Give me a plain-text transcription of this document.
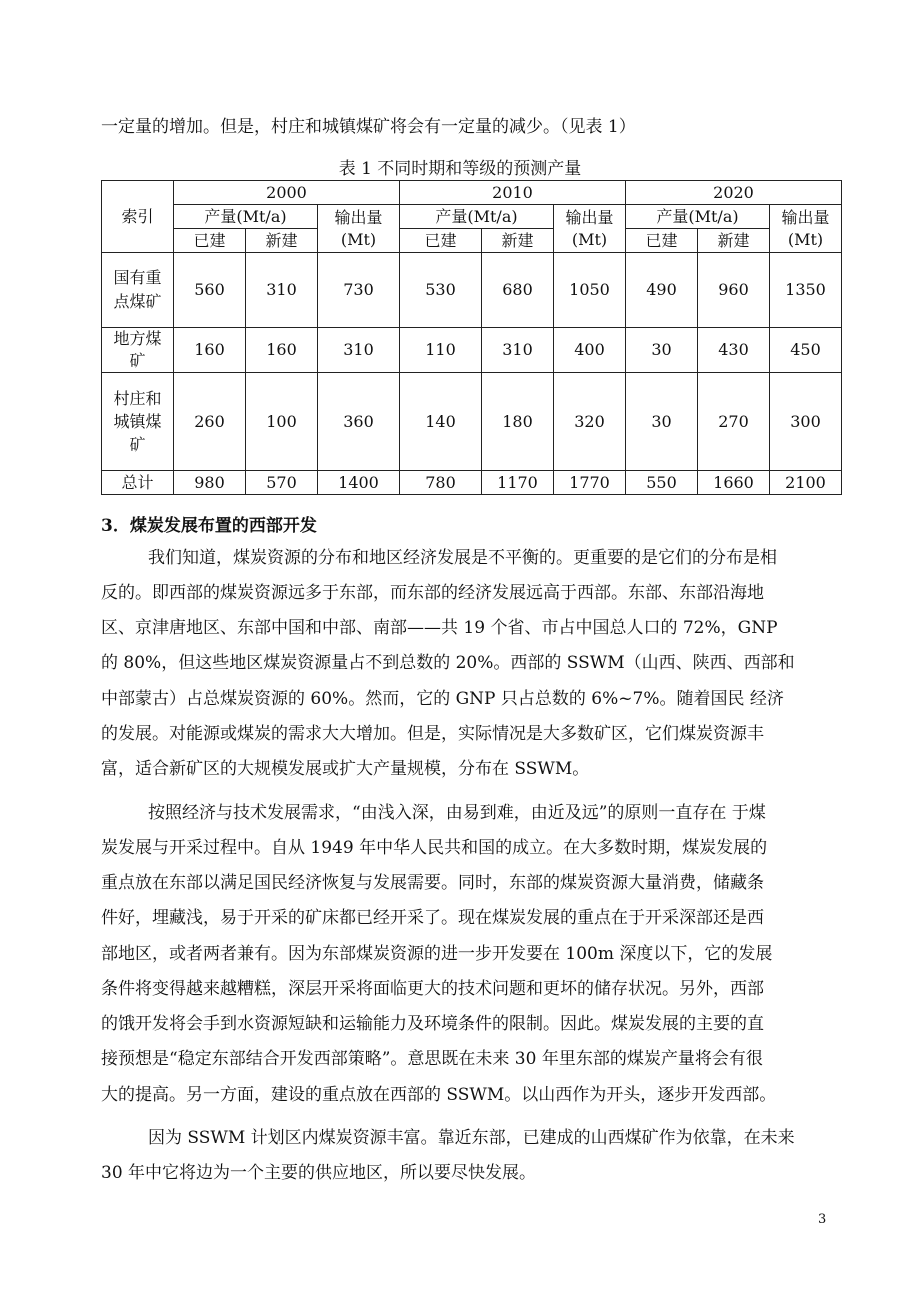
一定量的增加。但是，村庄和城镇煤矿将会有一定量的减少。（见表 1）
表 1 不同时期和等级的预测产量
索引	2000			2010			2020		
	产量(Mt/a)		输出量(Mt)	产量(Mt/a)		输出量(Mt)	产量(Mt/a)		输出量(Mt)
	已建	新建		已建	新建		已建	新建	
国有重点煤矿	560	310	730	530	680	1050	490	960	1350
地方煤矿	160	160	310	110	310	400	30	430	450
村庄和城镇煤矿	260	100	360	140	180	320	30	270	300
总计	980	570	1400	780	1170	1770	550	1660	2100
3．煤炭发展布置的西部开发
我们知道，煤炭资源的分布和地区经济发展是不平衡的。更重要的是它们的分布是相
反的。即西部的煤炭资源远多于东部，而东部的经济发展远高于西部。东部、东部沿海地
区、京津唐地区、东部中国和中部、南部——共 19 个省、市占中国总人口的 72%，GNP
的 80%，但这些地区煤炭资源量占不到总数的 20%。西部的 SSWM（山西、陕西、西部和
中部蒙古）占总煤炭资源的 60%。然而，它的 GNP 只占总数的 6%~7%。随着国民 经济
的发展。对能源或煤炭的需求大大增加。但是，实际情况是大多数矿区，它们煤炭资源丰
富，适合新矿区的大规模发展或扩大产量规模，分布在 SSWM。
按照经济与技术发展需求，“由浅入深，由易到难，由近及远”的原则一直存在 于煤
炭发展与开采过程中。自从 1949 年中华人民共和国的成立。在大多数时期，煤炭发展的
重点放在东部以满足国民经济恢复与发展需要。同时，东部的煤炭资源大量消费，储藏条
件好，埋藏浅，易于开采的矿床都已经开采了。现在煤炭发展的重点在于开采深部还是西
部地区，或者两者兼有。因为东部煤炭资源的进一步开发要在 100m 深度以下，它的发展
条件将变得越来越糟糕，深层开采将面临更大的技术问题和更坏的储存状况。另外，西部
的饿开发将会手到水资源短缺和运输能力及环境条件的限制。因此。煤炭发展的主要的直
接预想是“稳定东部结合开发西部策略”。意思既在未来 30 年里东部的煤炭产量将会有很
大的提高。另一方面，建设的重点放在西部的 SSWM。以山西作为开头，逐步开发西部。
因为 SSWM 计划区内煤炭资源丰富。靠近东部，已建成的山西煤矿作为依靠，在未来
30 年中它将边为一个主要的供应地区，所以要尽快发展。
3
